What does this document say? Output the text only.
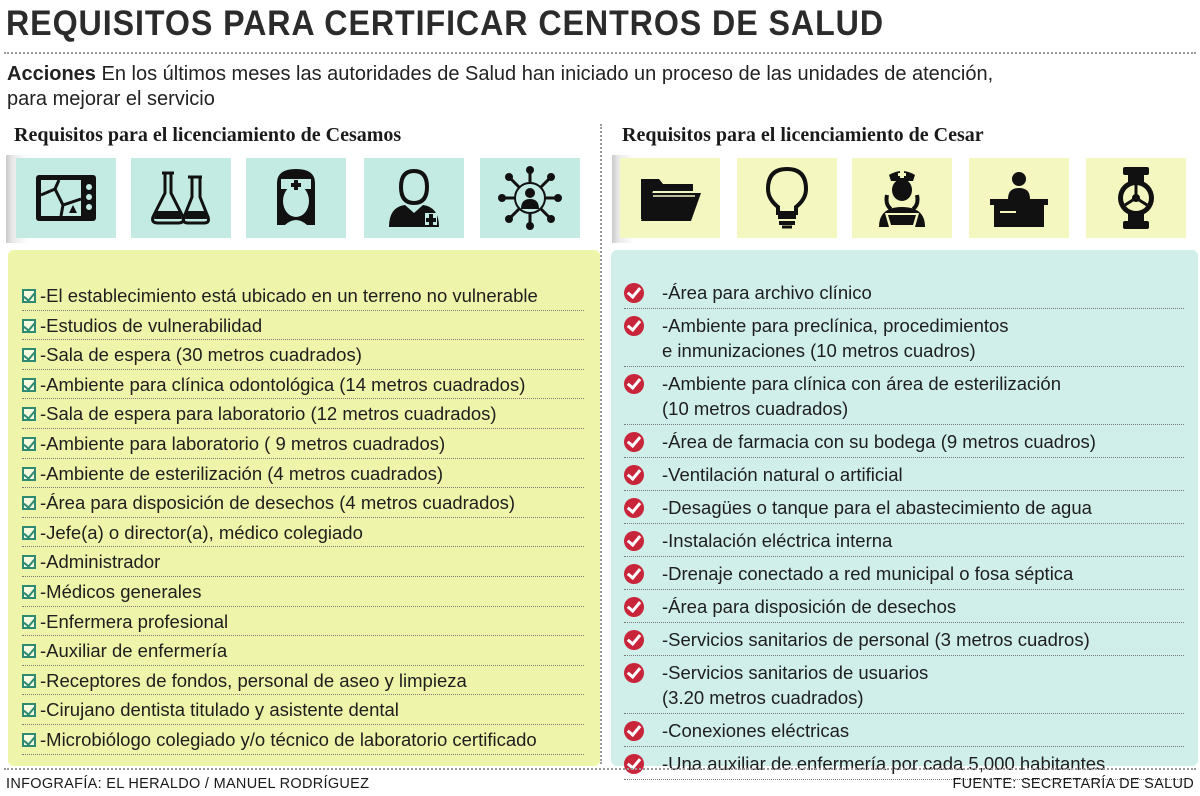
REQUISITOS PARA CERTIFICAR CENTROS DE SALUD

Acciones En los últimos meses las autoridades de Salud han iniciado un proceso de las unidades de atención, para mejorar el servicio

Requisitos para el licenciamiento de Cesamos	Requisitos para el licenciamiento de Cesar
-El establecimiento está ubicado en un terreno no vulnerable
-Estudios de vulnerabilidad
-Sala de espera (30 metros cuadrados)
-Ambiente para clínica odontológica (14 metros cuadrados)
-Sala de espera para laboratorio (12 metros cuadrados)
-Ambiente para laboratorio ( 9 metros cuadrados)
-Ambiente de esterilización (4 metros cuadrados)
-Área para disposición de desechos (4 metros cuadrados)
-Jefe(a) o director(a), médico colegiado
-Administrador
-Médicos generales
-Enfermera profesional
-Auxiliar de enfermería
-Receptores de fondos, personal de aseo y limpieza
-Cirujano dentista titulado y asistente dental
-Microbiólogo colegiado y/o técnico de laboratorio certificado
-Área para archivo clínico
-Ambiente para preclínica, procedimientos
e inmunizaciones (10 metros cuadros)
-Ambiente para clínica con área de esterilización
(10 metros cuadrados)
-Área de farmacia con su bodega (9 metros cuadros)
-Ventilación natural o artificial
-Desagües o tanque para el abastecimiento de agua
-Instalación eléctrica interna
-Drenaje conectado a red municipal o fosa séptica
-Área para disposición de desechos
-Servicios sanitarios de personal (3 metros cuadros)
-Servicios sanitarios de usuarios
(3.20 metros cuadrados)
-Conexiones eléctricas
-Una auxiliar de enfermería por cada 5,000 habitantes
INFOGRAFÍA: EL HERALDO / MANUEL RODRÍGUEZ	FUENTE: SECRETARÍA DE SALUD
